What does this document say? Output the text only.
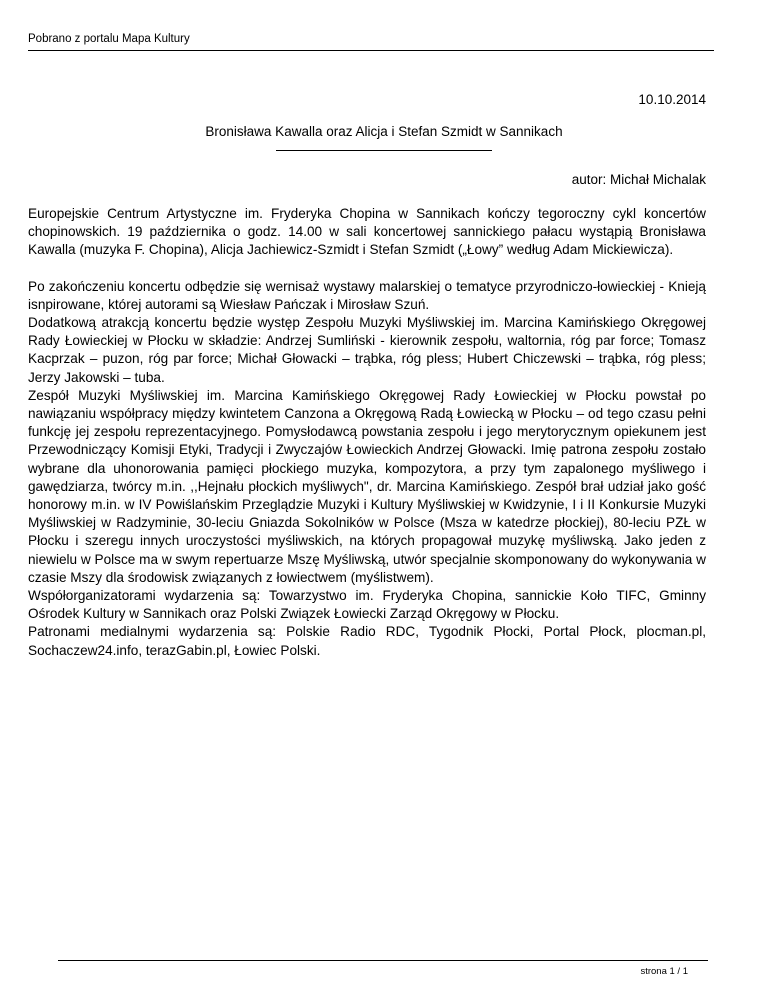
Pobrano z portalu Mapa Kultury
10.10.2014
Bronisława Kawalla oraz Alicja i Stefan Szmidt w Sannikach
autor: Michał Michalak

Europejskie Centrum Artystyczne im. Fryderyka Chopina w Sannikach kończy tegoroczny cykl koncertów chopinowskich. 19 października o godz. 14.00 w sali koncertowej sannickiego pałacu wystąpią Bronisława Kawalla (muzyka F. Chopina), Alicja Jachiewicz-Szmidt i Stefan Szmidt („Łowy” według Adam Mickiewicza).

Po zakończeniu koncertu odbędzie się wernisaż wystawy malarskiej o tematyce przyrodniczo-łowieckiej - Knieją isnpirowane, której autorami są Wiesław Pańczak i Mirosław Szuń.

Dodatkową atrakcją koncertu będzie występ Zespołu Muzyki Myśliwskiej im. Marcina Kamińskiego Okręgowej Rady Łowieckiej w Płocku w składzie: Andrzej Sumliński - kierownik zespołu, waltornia, róg par force; Tomasz Kacprzak – puzon, róg par force; Michał Głowacki – trąbka, róg pless; Hubert Chiczewski – trąbka, róg pless; Jerzy Jakowski – tuba.

Zespół Muzyki Myśliwskiej im. Marcina Kamińskiego Okręgowej Rady Łowieckiej w Płocku powstał po nawiązaniu współpracy między kwintetem Canzona a Okręgową Radą Łowiecką w Płocku – od tego czasu pełni funkcję jej zespołu reprezentacyjnego. Pomysłodawcą powstania zespołu i jego merytorycznym opiekunem jest Przewodniczący Komisji Etyki, Tradycji i Zwyczajów Łowieckich Andrzej Głowacki. Imię patrona zespołu zostało wybrane dla uhonorowania pamięci płockiego muzyka, kompozytora, a przy tym zapalonego myśliwego i gawędziarza, twórcy m.in. ,,Hejnału płockich myśliwych", dr. Marcina Kamińskiego. Zespół brał udział jako gość honorowy m.in. w IV Powiślańskim Przeglądzie Muzyki i Kultury Myśliwskiej w Kwidzynie, I i II Konkursie Muzyki Myśliwskiej w Radzyminie, 30-leciu Gniazda Sokolników w Polsce (Msza w katedrze płockiej), 80-leciu PZŁ w Płocku i szeregu innych uroczystości myśliwskich, na których propagował muzykę myśliwską. Jako jeden z niewielu w Polsce ma w swym repertuarze Mszę Myśliwską, utwór specjalnie skomponowany do wykonywania w czasie Mszy dla środowisk związanych z łowiectwem (myślistwem).

Współorganizatorami wydarzenia są: Towarzystwo im. Fryderyka Chopina, sannickie Koło TIFC, Gminny Ośrodek Kultury w Sannikach oraz Polski Związek Łowiecki Zarząd Okręgowy w Płocku.

Patronami medialnymi wydarzenia są: Polskie Radio RDC, Tygodnik Płocki, Portal Płock, plocman.pl, Sochaczew24.info, terazGabin.pl, Łowiec Polski.

strona 1 / 1
